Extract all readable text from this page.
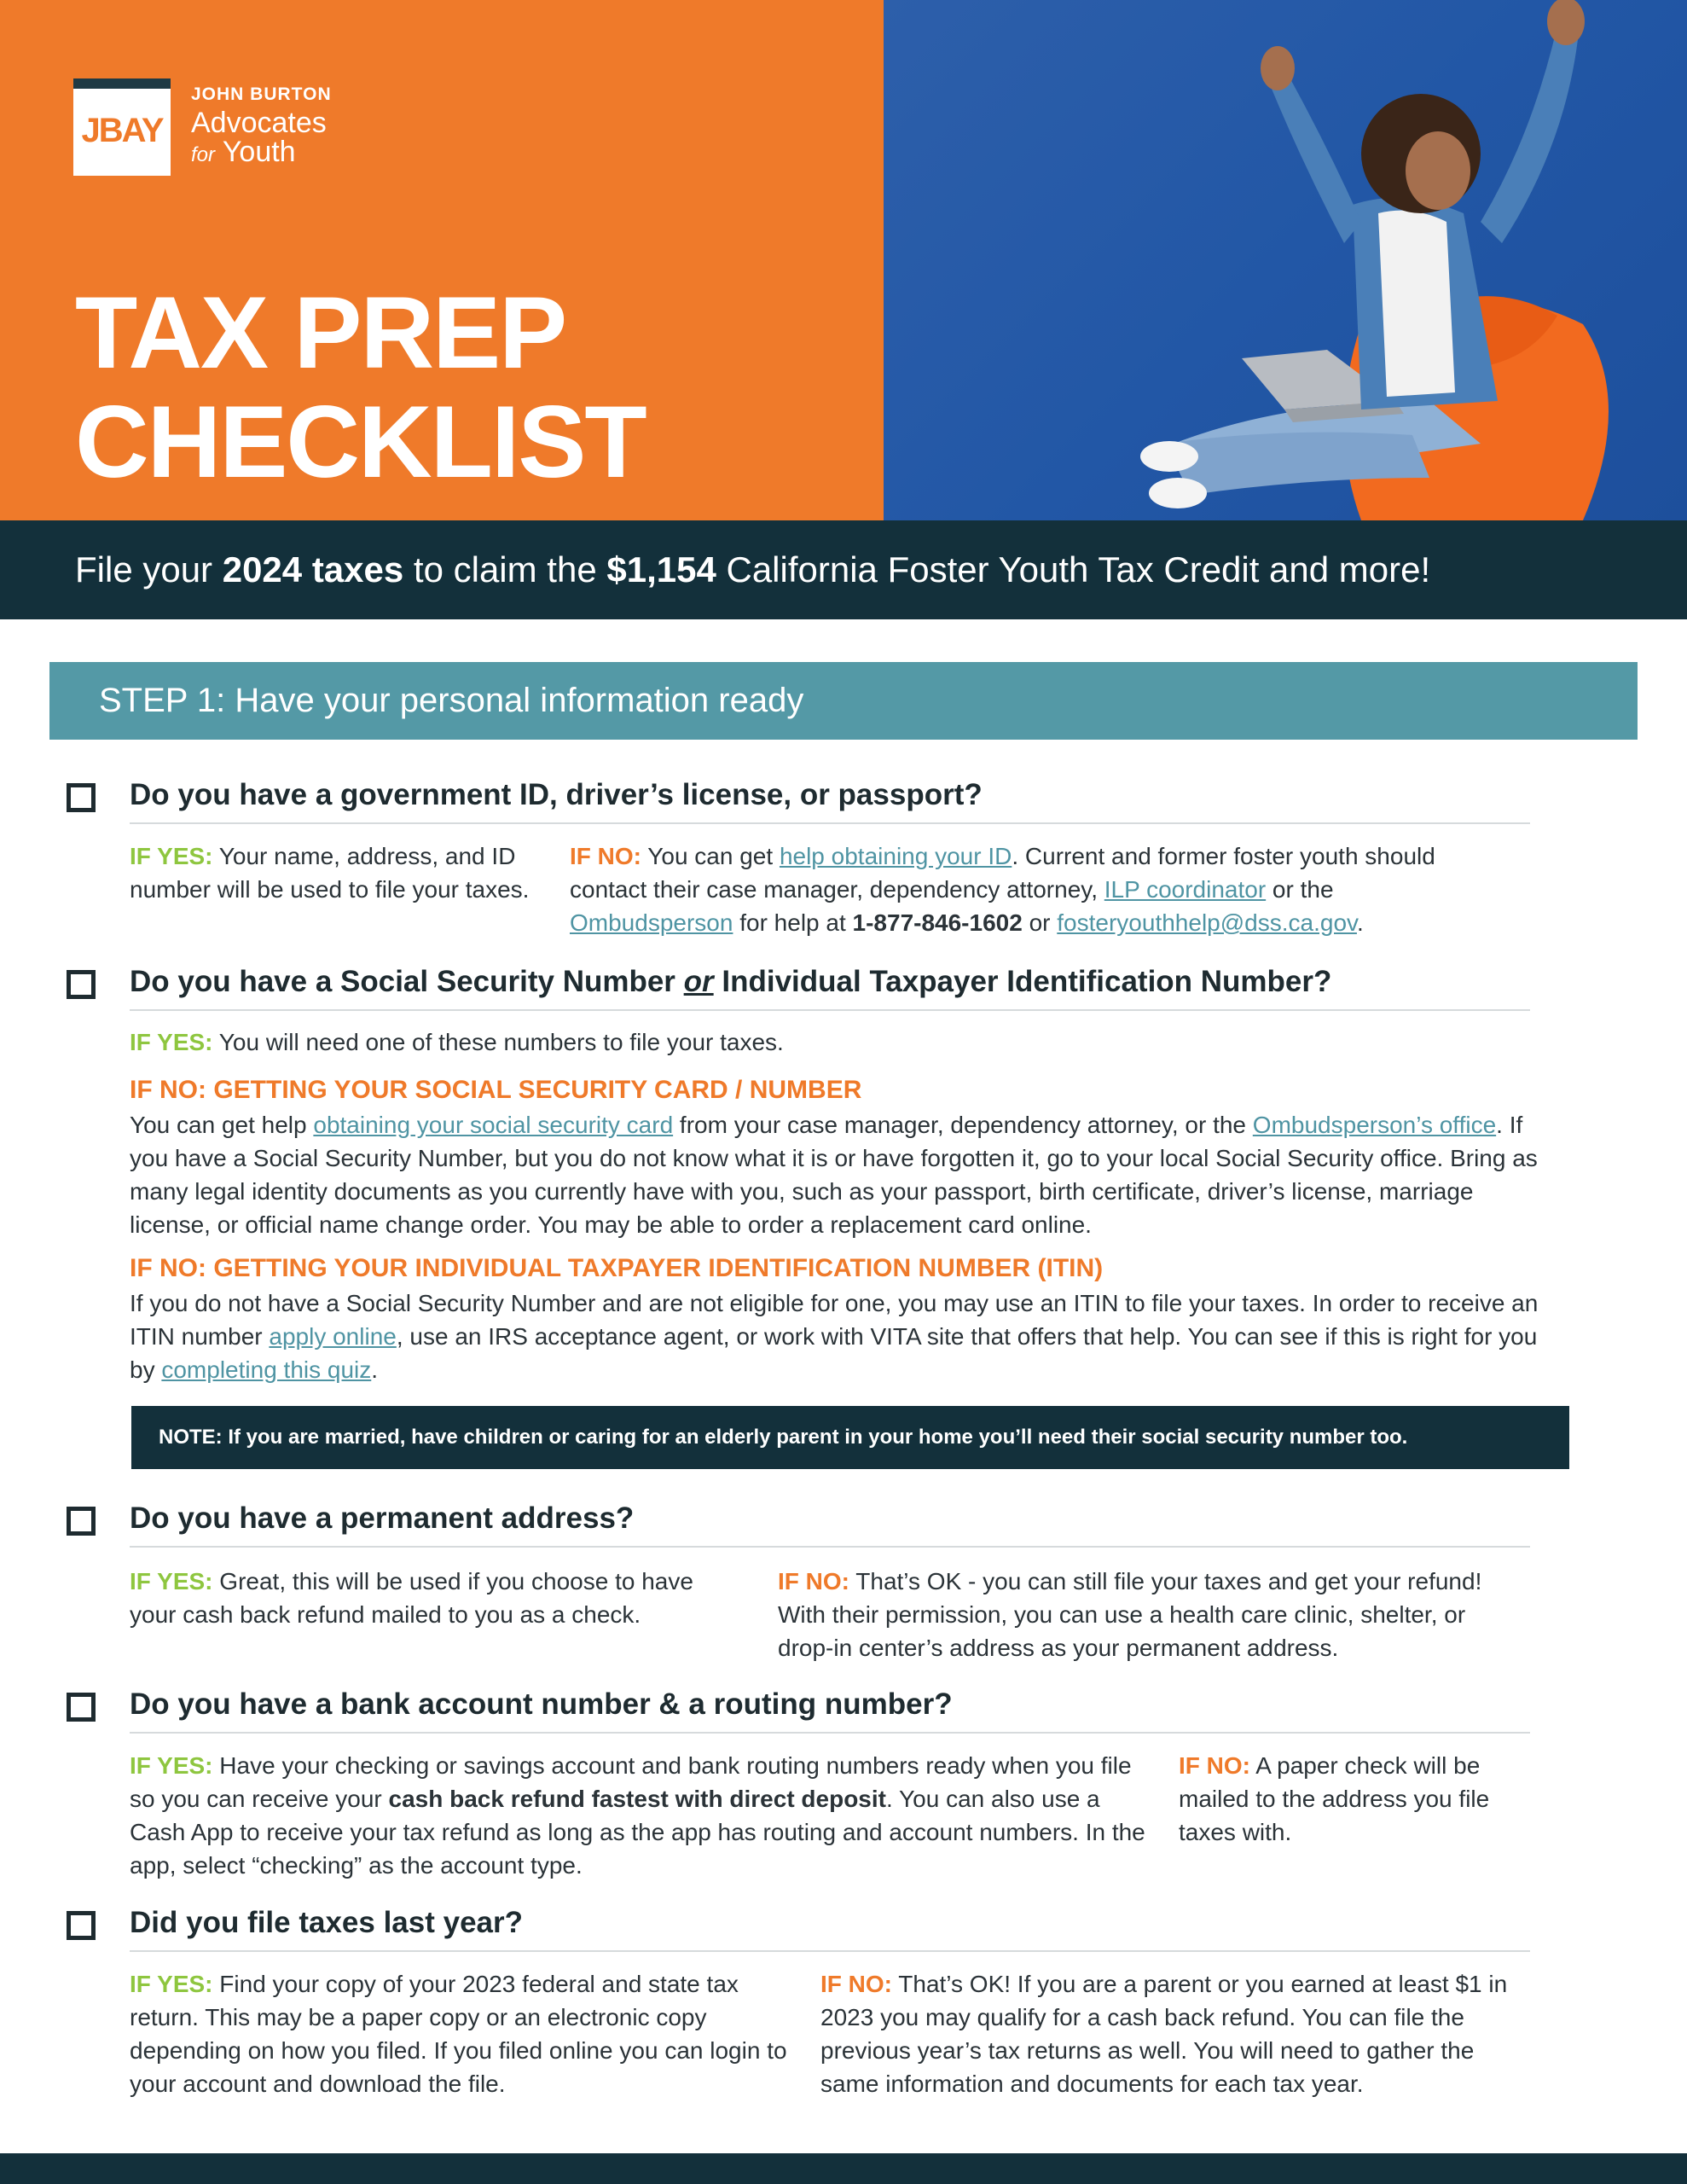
JBAY
JOHN BURTON
Advocates
for Youth
TAX PREP
CHECKLIST
File your 2024 taxes to claim the $1,154 California Foster Youth Tax Credit and more!
STEP 1: Have your personal information ready
Do you have a government ID, driver’s license, or passport?
IF YES: Your name, address, and ID number will be used to file your taxes.
IF NO: You can get help obtaining your ID. Current and former foster youth should contact their case manager, dependency attorney, ILP coordinator or the Ombudsperson for help at 1-877-846-1602 or fosteryouthhelp@dss.ca.gov.
Do you have a Social Security Number or Individual Taxpayer Identification Number?
IF YES: You will need one of these numbers to file your taxes.
IF NO: GETTING YOUR SOCIAL SECURITY CARD / NUMBER
You can get help obtaining your social security card from your case manager, dependency attorney, or the Ombudsperson’s office. If you have a Social Security Number, but you do not know what it is or have forgotten it, go to your local Social Security office. Bring as many legal identity documents as you currently have with you, such as your passport, birth certificate, driver’s license, marriage license, or official name change order. You may be able to order a replacement card online.
IF NO: GETTING YOUR INDIVIDUAL TAXPAYER IDENTIFICATION NUMBER (ITIN)
If you do not have a Social Security Number and are not eligible for one, you may use an ITIN to file your taxes. In order to receive an ITIN number apply online, use an IRS acceptance agent, or work with VITA site that offers that help. You can see if this is right for you by completing this quiz.
NOTE: If you are married, have children or caring for an elderly parent in your home you’ll need their social security number too.
Do you have a permanent address?
IF YES: Great, this will be used if you choose to have your cash back refund mailed to you as a check.
IF NO: That’s OK - you can still file your taxes and get your refund! With their permission, you can use a health care clinic, shelter, or drop-in center’s address as your permanent address.
Do you have a bank account number & a routing number?
IF YES: Have your checking or savings account and bank routing numbers ready when you file so you can receive your cash back refund fastest with direct deposit. You can also use a Cash App to receive your tax refund as long as the app has routing and account numbers. In the app, select “checking” as the account type.
IF NO: A paper check will be mailed to the address you file taxes with.
Did you file taxes last year?
IF YES: Find your copy of your 2023 federal and state tax return. This may be a paper copy or an electronic copy depending on how you filed. If you filed online you can login to your account and download the file.
IF NO: That’s OK! If you are a parent or you earned at least $1 in 2023 you may qualify for a cash back refund. You can file the previous year’s tax returns as well. You will need to gather the same information and documents for each tax year.
